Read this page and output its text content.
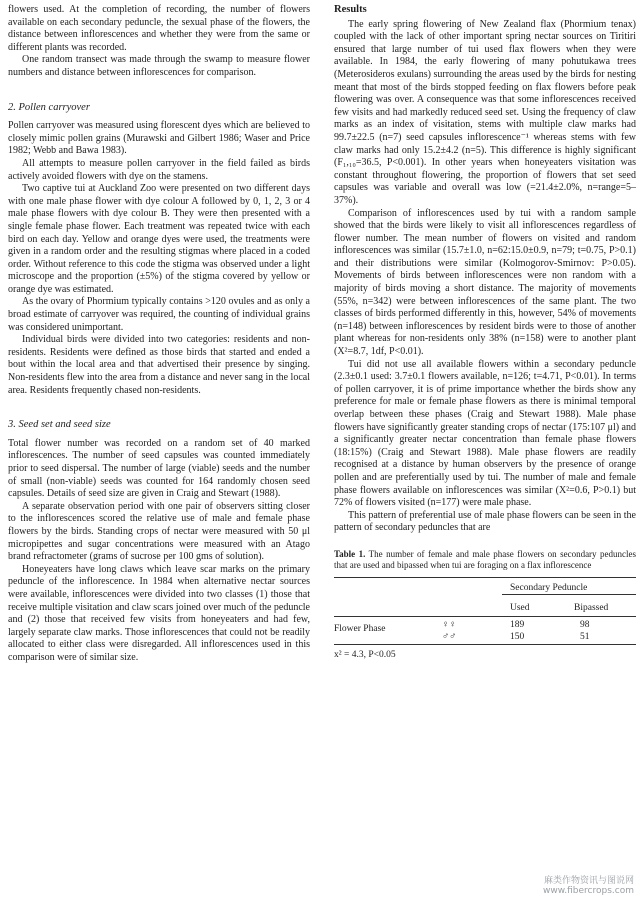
flowers used. At the completion of recording, the number of flowers available on each secondary peduncle, the sexual phase of the flowers, the distance between inflorescences and whether they were from the same or different plants was recorded.

One random transect was made through the swamp to measure flower numbers and distance between inflorescences for comparison.

2. Pollen carryover

Pollen carryover was measured using florescent dyes which are believed to closely mimic pollen grains (Murawski and Gilbert 1986; Waser and Price 1982; Webb and Bawa 1983).

All attempts to measure pollen carryover in the field failed as birds actively avoided flowers with dye on the stamens.

Two captive tui at Auckland Zoo were presented on two different days with one male phase flower with dye colour A followed by 0, 1, 2, 3 or 4 male phase flowers with dye colour B. They were then presented with a single female phase flower. Each treatment was repeated twice with each bird on each day. Yellow and orange dyes were used, the treatments were given in a random order and the resulting stigmas where placed in a coded order. Without reference to this code the stigma was observed under a light microscope and the proportion (±5%) of the stigma covered by yellow or orange dye was estimated.

As the ovary of Phormium typically contains >120 ovules and as only a broad estimate of carryover was required, the counting of individual grains was considered unimportant.

Individual birds were divided into two categories: residents and non-residents. Residents were defined as those birds that started and ended a bout within the local area and that advertised their presence by singing. Non-residents flew into the area from a distance and never sang in the local area. Residents frequently chased non-residents.

3. Seed set and seed size

Total flower number was recorded on a random set of 40 marked inflorescences. The number of seed capsules was counted immediately prior to seed dispersal. The number of large (viable) seeds and the number of small (non-viable) seeds was counted for 164 randomly chosen seed capsules. Details of seed size are given in Craig and Stewart (1988).

A separate observation period with one pair of observers sitting closer to the inflorescences scored the relative use of male and female phase flowers by the birds. Standing crops of nectar were measured with 50 μl micropipettes and sugar concentrations were measured with an Atago brand refractometer (grams of sucrose per 100 gms of solution).

Honeyeaters have long claws which leave scar marks on the primary peduncle of the inflorescence. In 1984 when alternative nectar sources were available, inflorescences were divided into two classes (1) those that receive multiple visitation and claw scars joined over much of the peduncle and (2) those that received few visits from honeyeaters and had few, largely separate claw marks. Those inflorescences that could not be readily allocated to either class were disregarded. All inflorescences used in this comparison were of similar size.

Results

The early spring flowering of New Zealand flax (Phormium tenax) coupled with the lack of other important spring nectar sources on Tiritiri ensured that large number of tui used flax flowers when they were available. In 1984, the early flowering of many pohutukawa trees (Meterosideros exulans) surrounding the areas used by the birds for nesting meant that most of the birds stopped feeding on flax flowers before peak flowering was over. A consequence was that some inflorescences received few visits and had markedly reduced seed set. Using the frequency of claw marks as an index of visitation, stems with multiple claw marks had 99.7±22.5 (n=7) seed capsules inflorescence⁻¹ whereas stems with few claw marks had only 15.2±4.2 (n=5). This difference is highly significant (F₁,₁₀=36.5, P<0.001). In other years when honeyeaters visitation was constant throughout flowering, the proportion of flowers that set seed capsules was variable and overall was low (=21.4±2.0%, n=range=5–37%).

Comparison of inflorescences used by tui with a random sample showed that the birds were likely to visit all inflorescences regardless of flower number. The mean number of flowers on visited and random inflorescences was similar (15.7±1.0, n=62:15.0±0.9, n=79; t=0.75, P>0.1) and their distributions were similar (Kolmogorov-Smirnov: P>0.05). Movements of birds between inflorescences were non random with a majority of birds moving a short distance. The majority of movements (55%, n=342) were between inflorescences of the same plant. The two classes of birds performed differently in this, however, 54% of movements (n=148) between inflorescences by resident birds were to those of another plant whereas for non-residents only 38% (n=158) were to another plant (X²=8.7, 1df, P<0.01).

Tui did not use all available flowers within a secondary peduncle (2.3±0.1 used: 3.7±0.1 flowers available, n=126; t=4.71, P<0.01). In terms of pollen carryover, it is of prime importance whether the birds show any preference for male or female phase flowers as there is minimal temporal overlap between these phases (Craig and Stewart 1988). Male phase flowers have significantly greater standing crops of nectar (175:107 μl) and a significantly greater nectar concentration than female phase flowers (18:15%) (Craig and Stewart 1988). Male phase flowers are readily recognised at a distance by human observers by the presence of orange pollen and are preferentially used by tui. The number of male and female phase flowers available on inflorescences was similar (X²=0.6, P>0.1) but 72% of flowers visited (n=177) were male phase.

This pattern of preferential use of male phase flowers can be seen in the pattern of secondary peduncles that are

Table 1. The number of female and male phase flowers on secondary peduncles that are used and bipassed when tui are foraging on a flax inflorescence
Secondary Peduncle
Used	Bipassed
Flower Phase	♀♀	189	98
♂♂	150	51
x² = 4.3, P<0.05
麻类作物资讯与图说网
www.fibercrops.com
